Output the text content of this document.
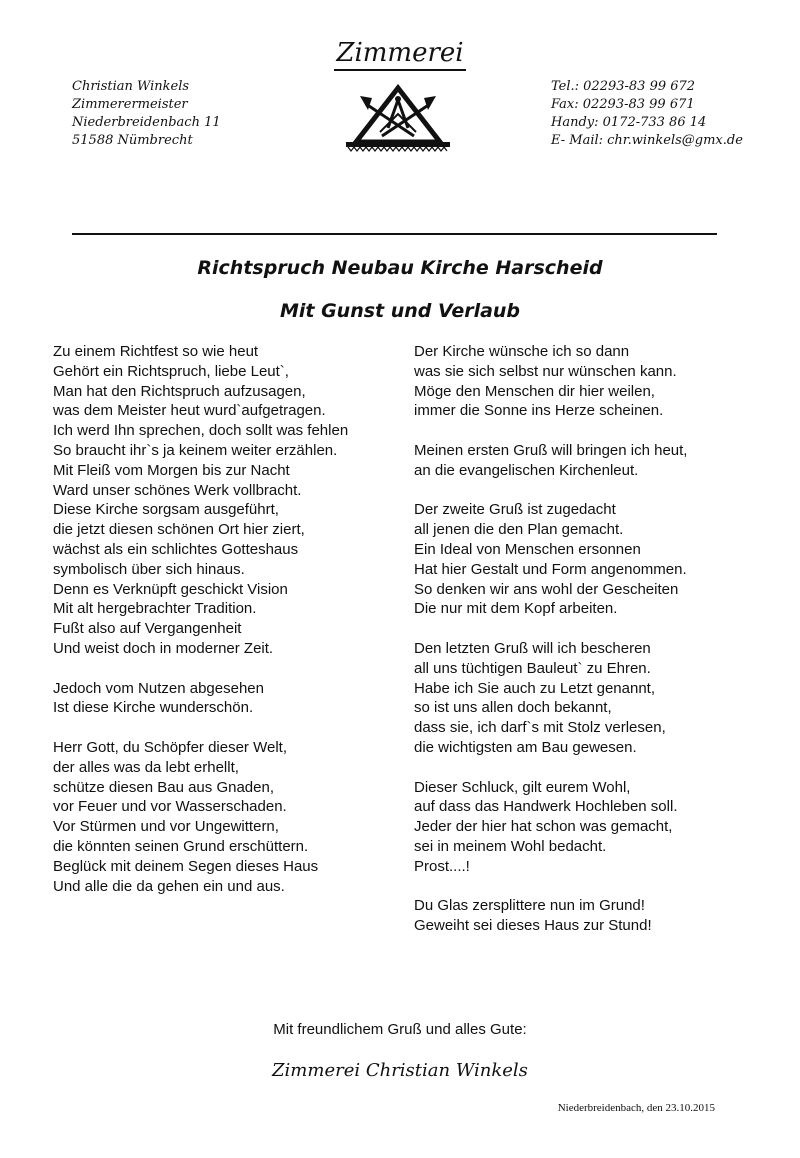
Zimmerei
Christian Winkels
Zimmerermeister
Niederbreidenbach 11
51588 Nümbrecht
Tel.: 02293-83 99 672
Fax: 02293-83 99 671
Handy: 0172-733 86 14
E- Mail: chr.winkels@gmx.de
Richtspruch Neubau Kirche Harscheid
Mit Gunst und Verlaub
Zu einem Richtfest so wie heut
Gehört ein Richtspruch, liebe Leut`,
Man hat den Richtspruch aufzusagen,
was dem Meister heut wurd`aufgetragen.
Ich werd Ihn sprechen, doch sollt was fehlen
So braucht ihr`s ja keinem weiter erzählen.
Mit Fleiß vom Morgen bis zur Nacht
Ward unser schönes Werk vollbracht.
Diese Kirche sorgsam ausgeführt,
die jetzt diesen schönen Ort hier ziert,
wächst als ein schlichtes Gotteshaus
symbolisch über sich hinaus.
Denn es Verknüpft geschickt Vision
Mit alt hergebrachter Tradition.
Fußt also auf Vergangenheit
Und weist doch in moderner Zeit.
Jedoch vom Nutzen abgesehen
Ist diese Kirche wunderschön.
Herr Gott, du Schöpfer dieser Welt,
der alles was da lebt erhellt,
schütze diesen Bau aus Gnaden,
vor Feuer und vor Wasserschaden.
Vor Stürmen und vor Ungewittern,
die könnten seinen Grund erschüttern.
Beglück mit deinem Segen dieses Haus
Und alle die da gehen ein und aus.
Der Kirche wünsche ich so dann
was sie sich selbst nur wünschen kann.
Möge den Menschen dir hier weilen,
immer die Sonne ins Herze scheinen.
Meinen ersten Gruß will bringen ich heut,
an die evangelischen Kirchenleut.
Der zweite Gruß ist zugedacht
all jenen die den Plan gemacht.
Ein Ideal von Menschen ersonnen
Hat hier Gestalt und Form angenommen.
So denken wir ans wohl der Gescheiten
Die nur mit dem Kopf arbeiten.
Den letzten Gruß will ich bescheren
all uns tüchtigen Bauleut` zu Ehren.
Habe ich Sie auch zu Letzt genannt,
so ist uns allen doch bekannt,
dass sie, ich darf`s mit Stolz verlesen,
die wichtigsten am Bau gewesen.
Dieser Schluck, gilt eurem Wohl,
auf dass das Handwerk Hochleben soll.
Jeder der hier hat schon was gemacht,
sei in meinem Wohl bedacht.
Prost....!
Du Glas zersplittere nun im Grund!
Geweiht sei dieses Haus zur Stund!
Mit freundlichem Gruß und alles Gute:
Zimmerei Christian Winkels
Niederbreidenbach, den 23.10.2015
